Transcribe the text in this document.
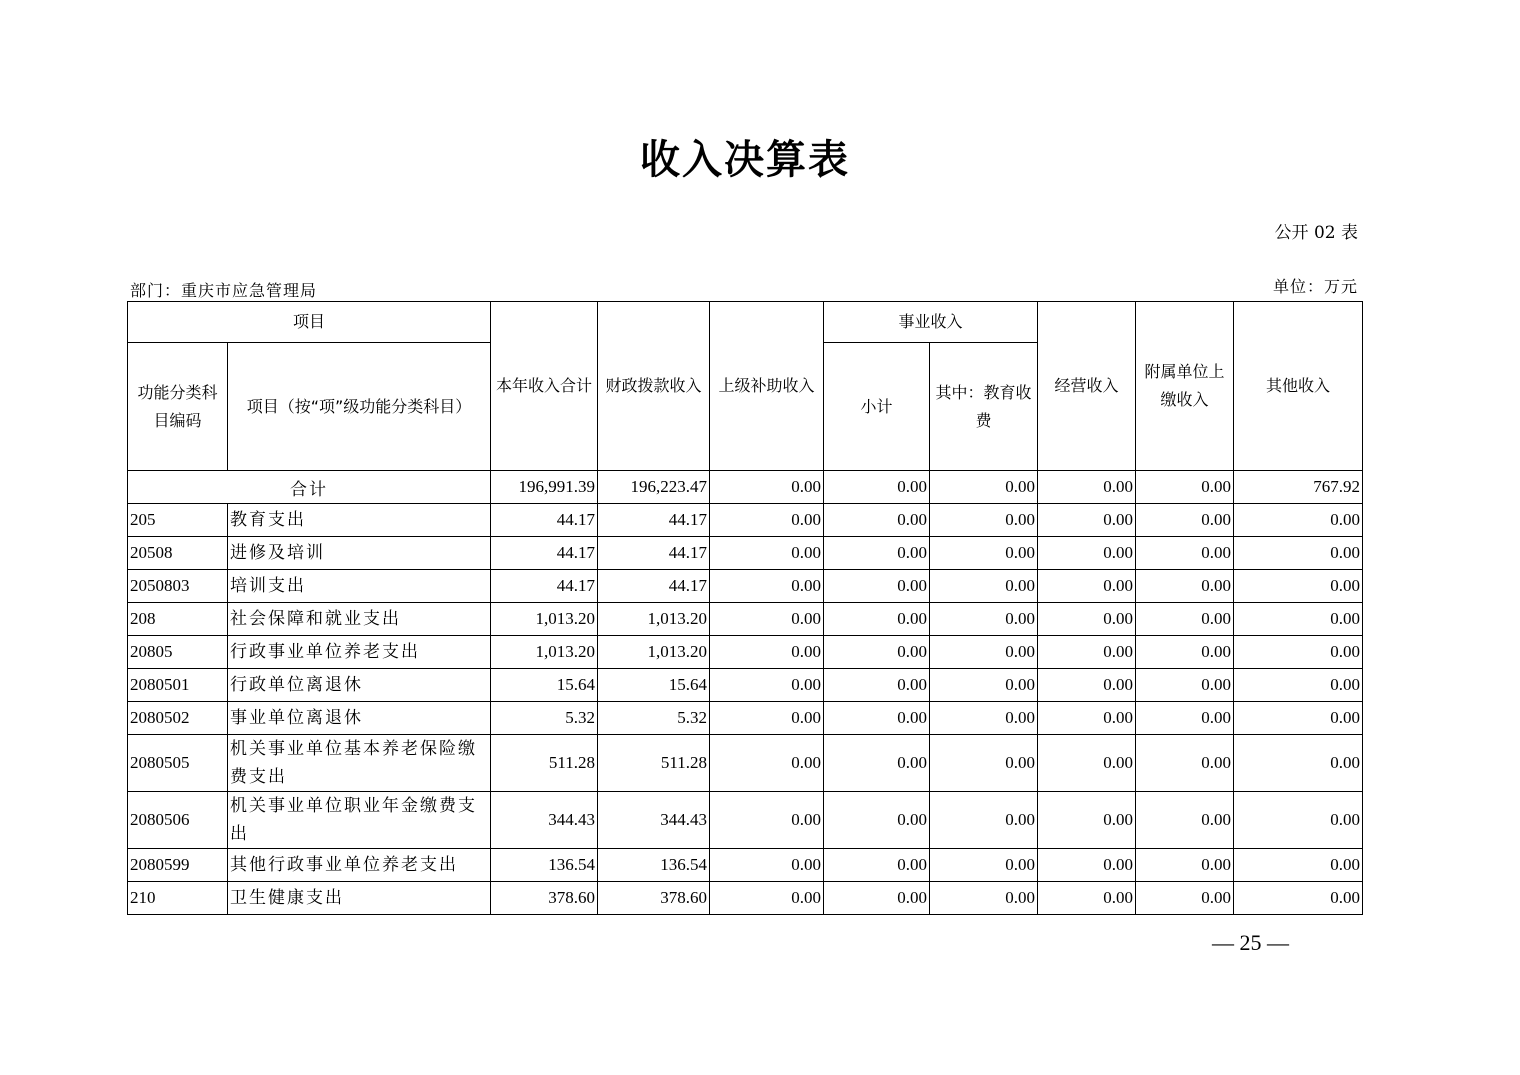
收入决算表
公开 02 表
部门：重庆市应急管理局	单位：万元
项目		本年收入合计	财政拨款收入	上级补助收入	事业收入		经营收入	附属单位上缴收入	其他收入
功能分类科目编码	项目（按“项”级功能分类科目）				小计	其中：教育收费			
合计		196,991.39	196,223.47	0.00	0.00	0.00	0.00	0.00	767.92
205	教育支出	44.17	44.17	0.00	0.00	0.00	0.00	0.00	0.00
20508	进修及培训	44.17	44.17	0.00	0.00	0.00	0.00	0.00	0.00
2050803	培训支出	44.17	44.17	0.00	0.00	0.00	0.00	0.00	0.00
208	社会保障和就业支出	1,013.20	1,013.20	0.00	0.00	0.00	0.00	0.00	0.00
20805	行政事业单位养老支出	1,013.20	1,013.20	0.00	0.00	0.00	0.00	0.00	0.00
2080501	行政单位离退休	15.64	15.64	0.00	0.00	0.00	0.00	0.00	0.00
2080502	事业单位离退休	5.32	5.32	0.00	0.00	0.00	0.00	0.00	0.00
2080505	机关事业单位基本养老保险缴费支出	511.28	511.28	0.00	0.00	0.00	0.00	0.00	0.00
2080506	机关事业单位职业年金缴费支出	344.43	344.43	0.00	0.00	0.00	0.00	0.00	0.00
2080599	其他行政事业单位养老支出	136.54	136.54	0.00	0.00	0.00	0.00	0.00	0.00
210	卫生健康支出	378.60	378.60	0.00	0.00	0.00	0.00	0.00	0.00
— 25 —
